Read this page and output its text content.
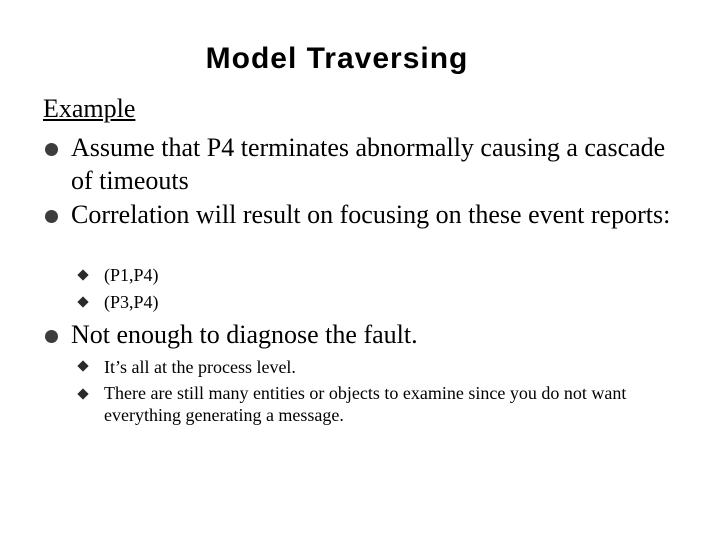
Model Traversing
Example
Assume that P4 terminates abnormally causing a cascade of timeouts
Correlation will result on focusing on these event reports:
(P1,P4)
(P3,P4)
Not enough to diagnose the fault.
It’s all at the process level.
There are still many entities or objects to examine since you do not want everything generating a message.
